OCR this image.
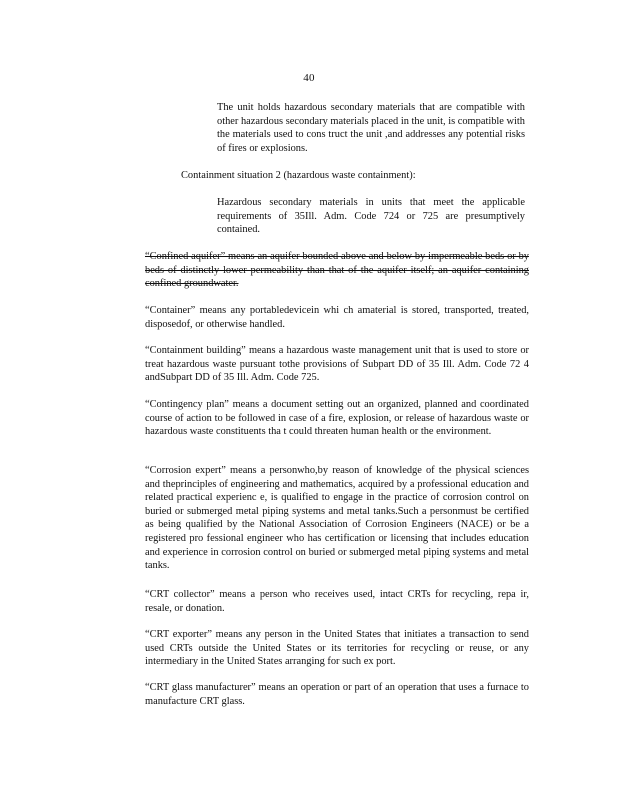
40
The unit holds hazardous secondary materials that are compatible with other hazardous secondary materials placed in the unit, is compatible with the materials used to cons truct the unit ,and addresses any potential risks of fires or explosions.
Containment situation 2 (hazardous waste containment):
Hazardous secondary materials in units that meet the applicable requirements of 35Ill. Adm. Code 724 or 725 are presumptively contained.
“Confined aquifer” means an aquifer bounded above and below by impermeable beds or by beds of distinctly lower permeability than that of the aquifer itself; an aquifer containing confined groundwater.
“Container” means any portabledevicein whi ch amaterial is stored, transported, treated, disposedof, or otherwise handled.
“Containment building” means a hazardous waste management unit that is used to store or treat hazardous waste pursuant tothe provisions of Subpart DD of 35 Ill. Adm. Code 72 4 andSubpart DD of 35 Ill. Adm. Code 725.
“Contingency plan” means a document setting out an organized, planned and coordinated course of action to be followed in case of a fire, explosion, or release of hazardous waste or hazardous waste constituents tha t could threaten human health or the environment.
“Corrosion expert” means a personwho,by reason of knowledge of the physical sciences and theprinciples of engineering and mathematics, acquired by a professional education and related practical experienc e, is qualified to engage in the practice of corrosion control on buried or submerged metal piping systems and metal tanks.Such a personmust be certified as being qualified by the National Association of Corrosion Engineers (NACE) or be a registered pro fessional engineer who has certification or licensing that includes education and experience in corrosion control on buried or submerged metal piping systems and metal tanks.
“CRT collector” means a person who receives used, intact CRTs for recycling, repa ir, resale, or donation.
“CRT exporter” means any person in the United States that initiates a transaction to send used CRTs outside the United States or its territories for recycling or reuse, or any intermediary in the United States arranging for such ex port.
“CRT glass manufacturer” means an operation or part of an operation that uses a furnace to manufacture CRT glass.
